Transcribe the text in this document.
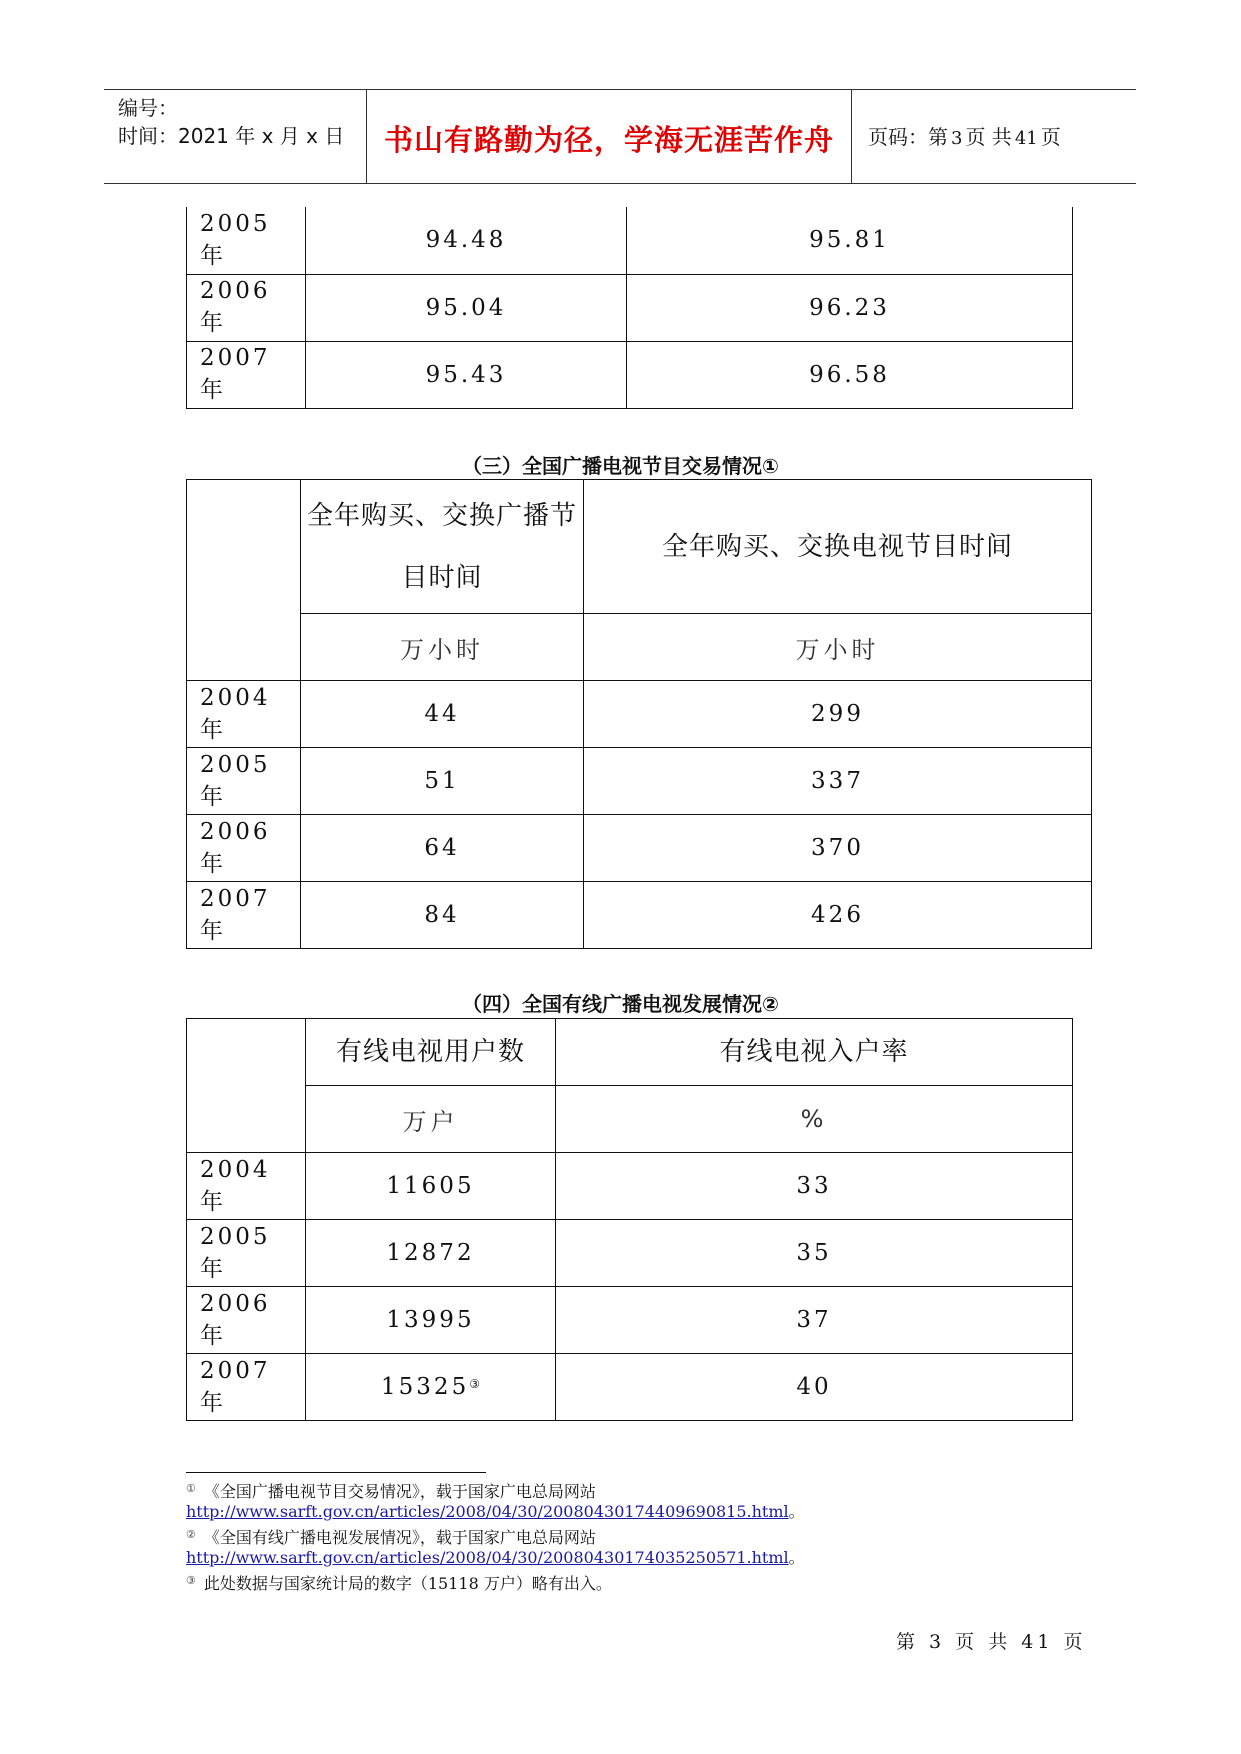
编号：
时间：2021 年 x 月 x 日	书山有路勤为径，学海无涯苦作舟	页码：第 3 页 共 41 页
2005 年	94.48	95.81
2006 年	95.04	96.23
2007 年	95.43	96.58
（三）全国广播电视节目交易情况①
	全年购买、交换广播节目时间	全年购买、交换电视节目时间
	万小时	万小时
2004 年	44	299
2005 年	51	337
2006 年	64	370
2007 年	84	426
（四）全国有线广播电视发展情况②
	有线电视用户数	有线电视入户率
	万户	%
2004 年	11605	33
2005 年	12872	35
2006 年	13995	37
2007 年	15325③	40
① 《全国广播电视节目交易情况》，载于国家广电总局网站
http://www.sarft.gov.cn/articles/2008/04/30/20080430174409690815.html。
② 《全国有线广播电视发展情况》，载于国家广电总局网站
http://www.sarft.gov.cn/articles/2008/04/30/20080430174035250571.html。
③ 此处数据与国家统计局的数字（15118 万户）略有出入。
第 3 页 共 41 页
